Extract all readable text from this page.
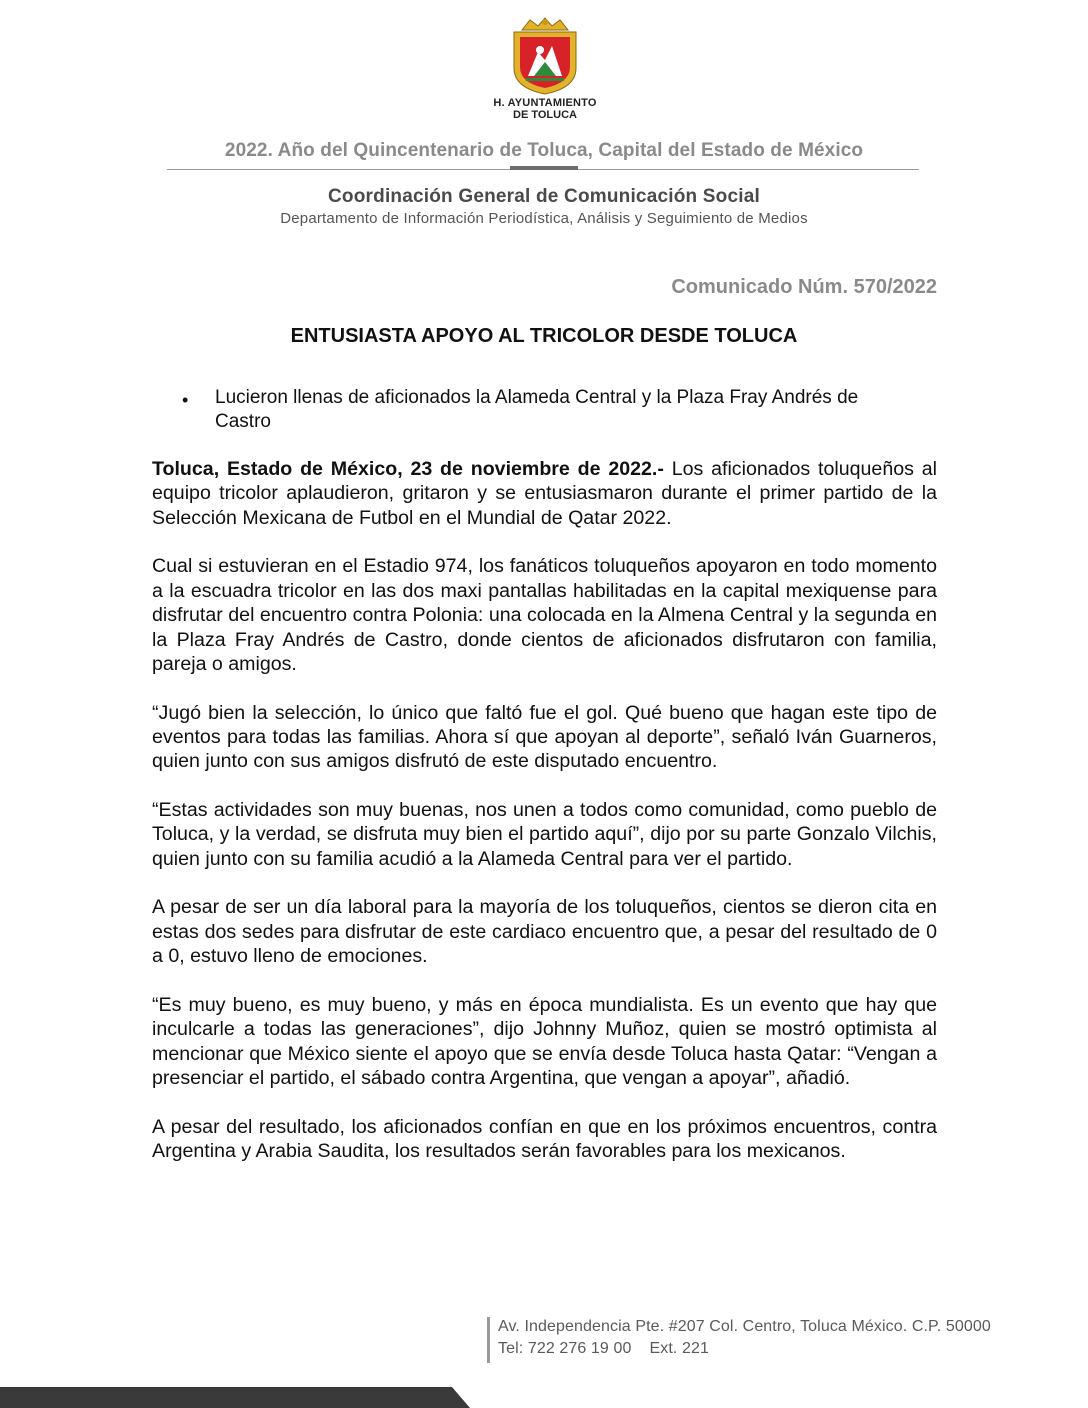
H. AYUNTAMIENTO
DE TOLUCA
2022. Año del Quincentenario de Toluca, Capital del Estado de México
Coordinación General de Comunicación Social
Departamento de Información Periodística, Análisis y Seguimiento de Medios
Comunicado Núm. 570/2022
ENTUSIASTA APOYO AL TRICOLOR DESDE TOLUCA
• Lucieron llenas de aficionados la Alameda Central y la Plaza Fray Andrés de Castro

Toluca, Estado de México, 23 de noviembre de 2022.- Los aficionados toluqueños al equipo tricolor aplaudieron, gritaron y se entusiasmaron durante el primer partido de la Selección Mexicana de Futbol en el Mundial de Qatar 2022.

Cual si estuvieran en el Estadio 974, los fanáticos toluqueños apoyaron en todo momento a la escuadra tricolor en las dos maxi pantallas habilitadas en la capital mexiquense para disfrutar del encuentro contra Polonia: una colocada en la Almena Central y la segunda en la Plaza Fray Andrés de Castro, donde cientos de aficionados disfrutaron con familia, pareja o amigos.

“Jugó bien la selección, lo único que faltó fue el gol. Qué bueno que hagan este tipo de eventos para todas las familias. Ahora sí que apoyan al deporte”, señaló Iván Guarneros, quien junto con sus amigos disfrutó de este disputado encuentro.

“Estas actividades son muy buenas, nos unen a todos como comunidad, como pueblo de Toluca, y la verdad, se disfruta muy bien el partido aquí”, dijo por su parte Gonzalo Vilchis, quien junto con su familia acudió a la Alameda Central para ver el partido.

A pesar de ser un día laboral para la mayoría de los toluqueños, cientos se dieron cita en estas dos sedes para disfrutar de este cardiaco encuentro que, a pesar del resultado de 0 a 0, estuvo lleno de emociones.

“Es muy bueno, es muy bueno, y más en época mundialista. Es un evento que hay que inculcarle a todas las generaciones”, dijo Johnny Muñoz, quien se mostró optimista al mencionar que México siente el apoyo que se envía desde Toluca hasta Qatar: “Vengan a presenciar el partido, el sábado contra Argentina, que vengan a apoyar”, añadió.

A pesar del resultado, los aficionados confían en que en los próximos encuentros, contra Argentina y Arabia Saudita, los resultados serán favorables para los mexicanos.

Av. Independencia Pte. #207 Col. Centro, Toluca México. C.P. 50000
Tel: 722 276 19 00 Ext. 221
